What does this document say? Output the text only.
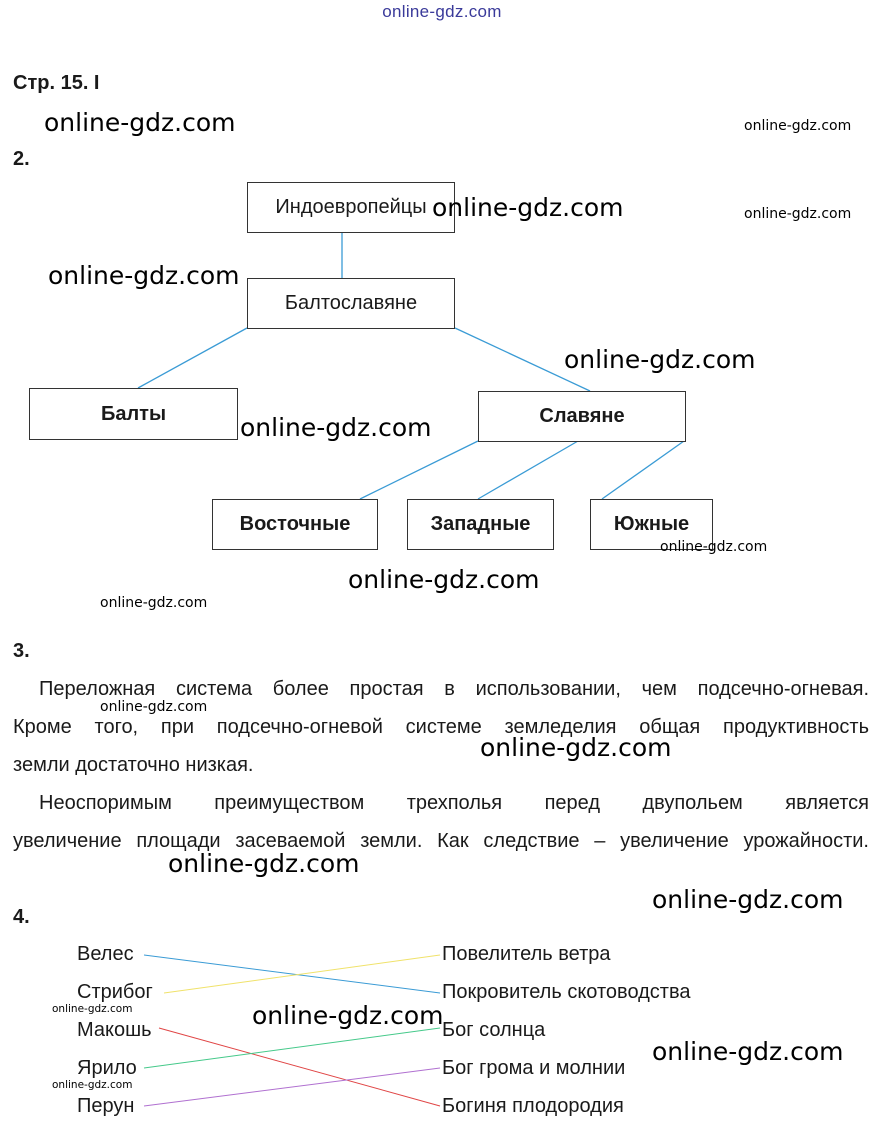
online-gdz.com
Стр. 15. I
2.
Индоевропейцы
Балтославяне
Балты	Славяне
Восточные	Западные	Южные
3.
Переложная система более простая в использовании, чем подсечно-огневая.
Кроме того, при подсечно-огневой системе земледелия общая продуктивность
земли достаточно низкая.
Неоспоримым преимуществом трехполья перед двупольем является
увеличение площади засеваемой земли. Как следствие – увеличение урожайности.
4.
Велес
Стрибог
Макошь
Ярило
Перун
Повелитель ветра
Покровитель скотоводства
Бог солнца
Бог грома и молнии
Богиня плодородия
online-gdz.com	online-gdz.com
online-gdz.com	online-gdz.com
online-gdz.com
online-gdz.com
online-gdz.com
online-gdz.com
online-gdz.com
online-gdz.com
online-gdz.com
online-gdz.com
online-gdz.com
online-gdz.com
online-gdz.com	online-gdz.com
online-gdz.com
online-gdz.com
